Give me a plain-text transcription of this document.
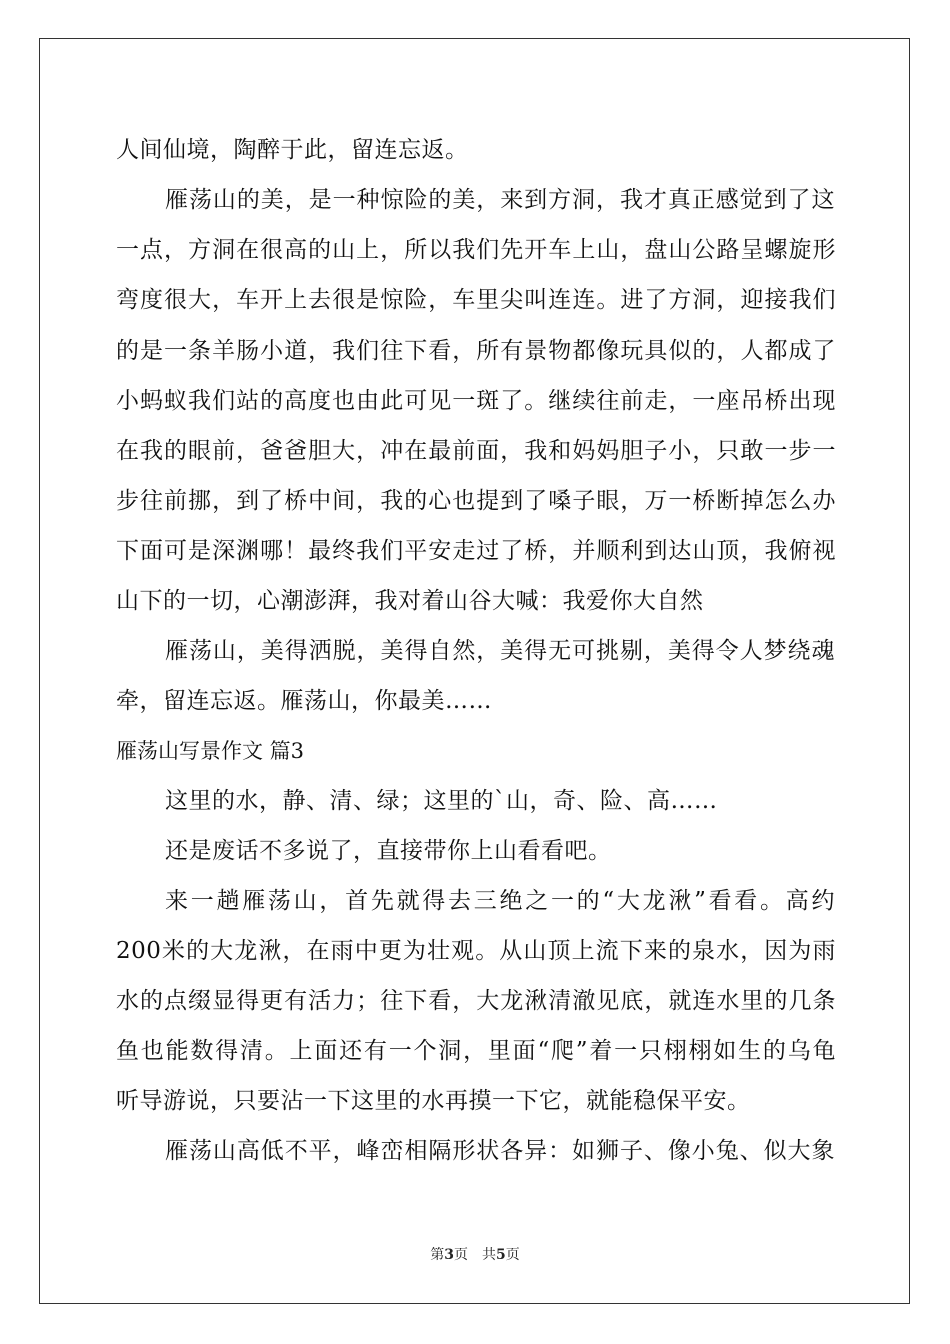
人间仙境，陶醉于此，留连忘返。
雁荡山的美，是一种惊险的美，来到方洞，我才真正感觉到了这
一点，方洞在很高的山上，所以我们先开车上山，盘山公路呈螺旋形
弯度很大，车开上去很是惊险，车里尖叫连连。进了方洞，迎接我们
的是一条羊肠小道，我们往下看，所有景物都像玩具似的，人都成了
小蚂蚁我们站的高度也由此可见一斑了。继续往前走，一座吊桥出现
在我的眼前，爸爸胆大，冲在最前面，我和妈妈胆子小，只敢一步一
步往前挪，到了桥中间，我的心也提到了嗓子眼，万一桥断掉怎么办
下面可是深渊哪！最终我们平安走过了桥，并顺利到达山顶，我俯视
山下的一切，心潮澎湃，我对着山谷大喊：我爱你大自然
雁荡山，美得洒脱，美得自然，美得无可挑剔，美得令人梦绕魂
牵，留连忘返。雁荡山，你最美……
雁荡山写景作文 篇3
这里的水，静、清、绿；这里的`山，奇、险、高……
还是废话不多说了，直接带你上山看看吧。
来一趟雁荡山，首先就得去三绝之一的“大龙湫”看看。高约
200米的大龙湫，在雨中更为壮观。从山顶上流下来的泉水，因为雨
水的点缀显得更有活力；往下看，大龙湫清澈见底，就连水里的几条
鱼也能数得清。上面还有一个洞，里面“爬”着一只栩栩如生的乌龟
听导游说，只要沾一下这里的水再摸一下它，就能稳保平安。
雁荡山高低不平，峰峦相隔形状各异：如狮子、像小兔、似大象
第3页　共5页
